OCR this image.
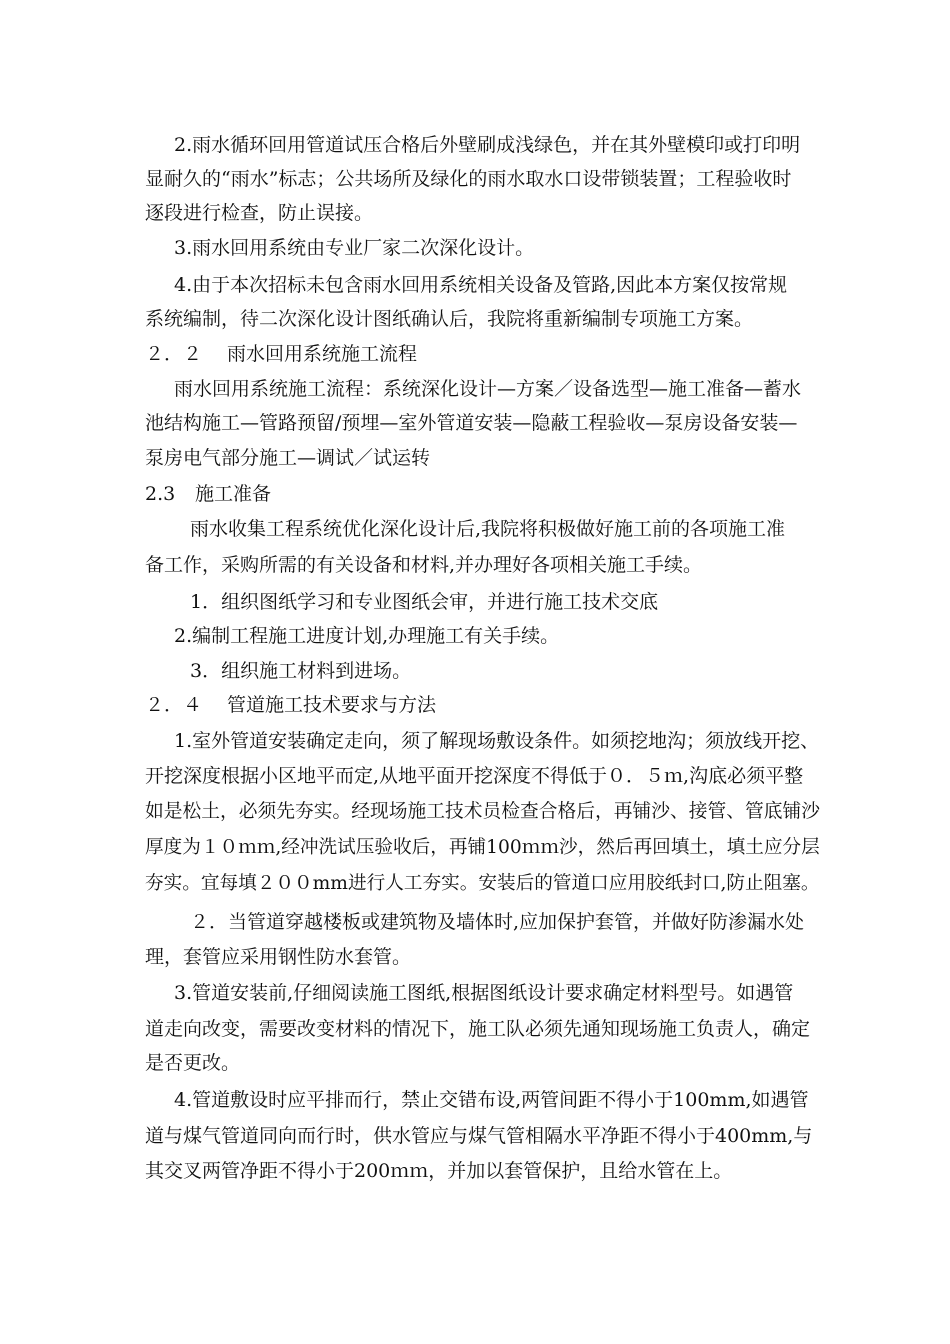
2.雨水循环回用管道试压合格后外壁刷成浅绿色，并在其外壁模印或打印明
显耐久的“雨水”标志；公共场所及绿化的雨水取水口设带锁装置；工程验收时
逐段进行检查，防止误接。
3.雨水回用系统由专业厂家二次深化设计。
4.由于本次招标未包含雨水回用系统相关设备及管路,因此本方案仅按常规
系统编制，待二次深化设计图纸确认后，我院将重新编制专项施工方案。
２．２ 雨水回用系统施工流程
雨水回用系统施工流程：系统深化设计—方案／设备选型—施工准备—蓄水
池结构施工—管路预留/预埋—室外管道安装—隐蔽工程验收—泵房设备安装—
泵房电气部分施工—调试／试运转
2.3 施工准备
雨水收集工程系统优化深化设计后,我院将积极做好施工前的各项施工准
备工作，采购所需的有关设备和材料,并办理好各项相关施工手续。
1．组织图纸学习和专业图纸会审，并进行施工技术交底
2.编制工程施工进度计划,办理施工有关手续。
3．组织施工材料到进场。
２．４ 管道施工技术要求与方法
1.室外管道安装确定走向，须了解现场敷设条件。如须挖地沟；须放线开挖、
开挖深度根据小区地平而定,从地平面开挖深度不得低于０．５ｍ,沟底必须平整
如是松土，必须先夯实。经现场施工技术员检查合格后，再铺沙、接管、管底铺沙
厚度为１０ｍｍ,经冲洗试压验收后，再铺100ｍｍ沙，然后再回填土，填土应分层
夯实。宜每填２００mm进行人工夯实。安装后的管道口应用胶纸封口,防止阻塞。
２．当管道穿越楼板或建筑物及墙体时,应加保护套管，并做好防渗漏水处
理，套管应采用钢性防水套管。
3.管道安装前,仔细阅读施工图纸,根据图纸设计要求确定材料型号。如遇管
道走向改变，需要改变材料的情况下，施工队必须先通知现场施工负责人，确定
是否更改。
4.管道敷设时应平排而行，禁止交错布设,两管间距不得小于100mm,如遇管
道与煤气管道同向而行时，供水管应与煤气管相隔水平净距不得小于400mm,与
其交叉两管净距不得小于200ｍｍ，并加以套管保护，且给水管在上。
